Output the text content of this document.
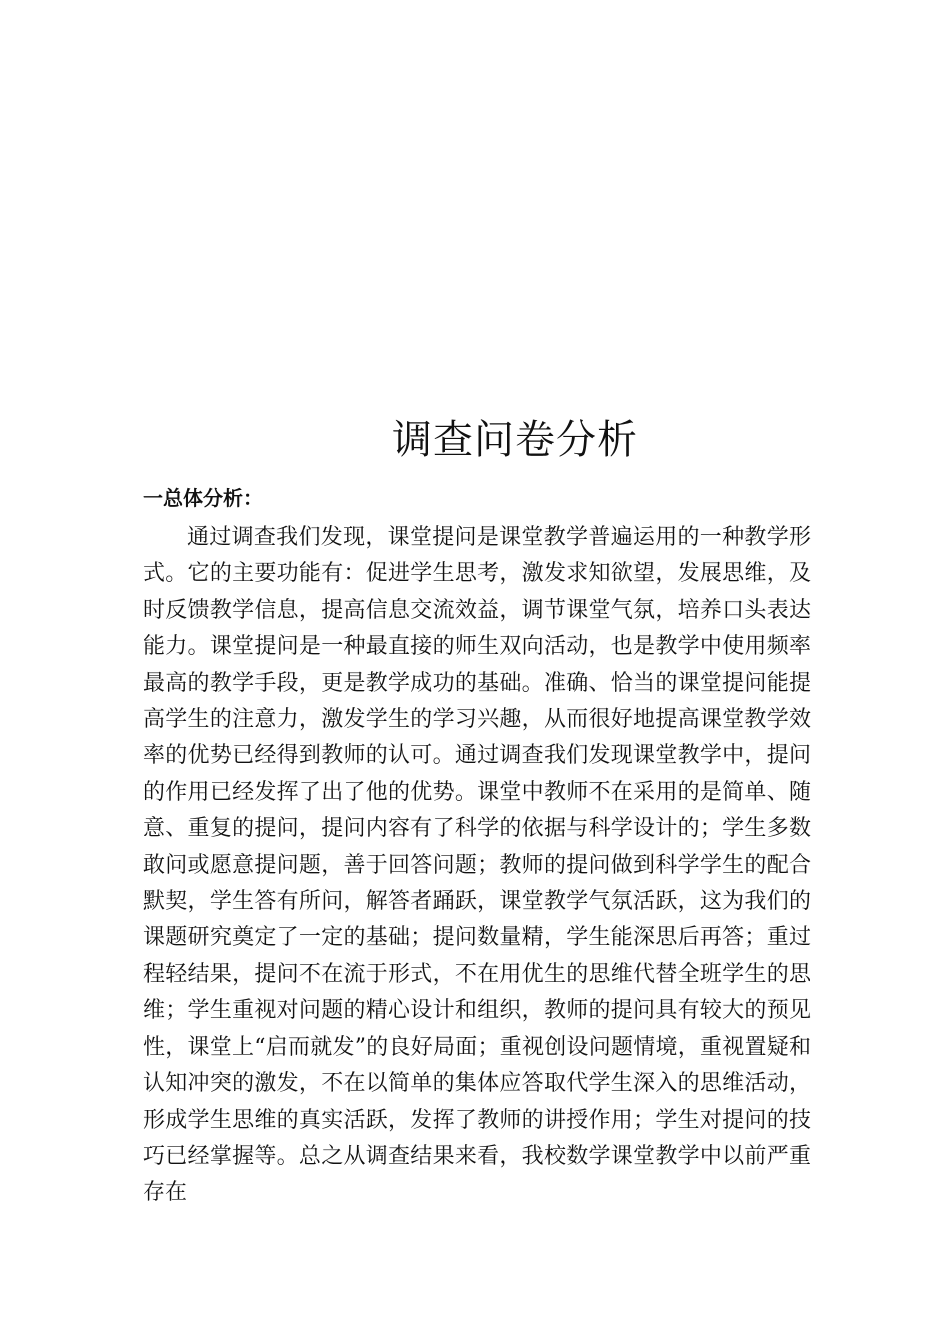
调查问卷分析
一总体分析：

通过调查我们发现，课堂提问是课堂教学普遍运用的一种教学形式。它的主要功能有：促进学生思考，激发求知欲望，发展思维，及时反馈教学信息，提高信息交流效益，调节课堂气氛，培养口头表达能力。课堂提问是一种最直接的师生双向活动，也是教学中使用频率最高的教学手段，更是教学成功的基础。准确、恰当的课堂提问能提高学生的注意力，激发学生的学习兴趣，从而很好地提高课堂教学效率的优势已经得到教师的认可。通过调查我们发现课堂教学中，提问的作用已经发挥了出了他的优势。课堂中教师不在采用的是简单、随意、重复的提问，提问内容有了科学的依据与科学设计的；学生多数敢问或愿意提问题，善于回答问题；教师的提问做到科学学生的配合默契，学生答有所问，解答者踊跃，课堂教学气氛活跃，这为我们的课题研究奠定了一定的基础；提问数量精，学生能深思后再答；重过程轻结果，提问不在流于形式，不在用优生的思维代替全班学生的思维；学生重视对问题的精心设计和组织，教师的提问具有较大的预见性，课堂上“启而就发”的良好局面；重视创设问题情境，重视置疑和认知冲突的激发，不在以简单的集体应答取代学生深入的思维活动，形成学生思维的真实活跃，发挥了教师的讲授作用；学生对提问的技巧已经掌握等。总之从调查结果来看，我校数学课堂教学中以前严重存在
